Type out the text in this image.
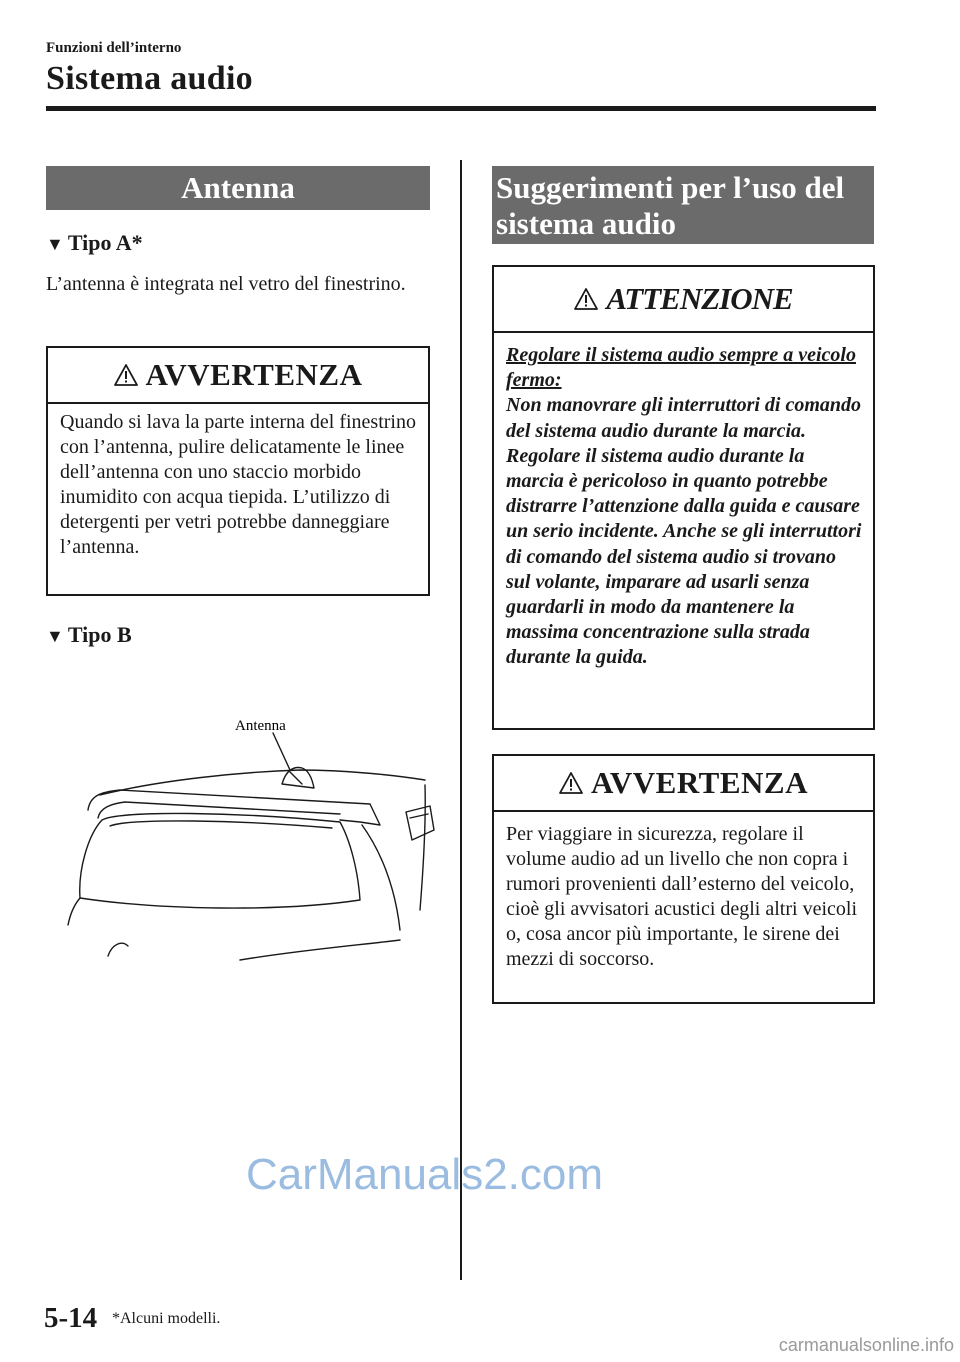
Funzioni dell’interno
Sistema audio
Antenna
▼ Tipo A*
L’antenna è integrata nel vetro del finestrino.
AVVERTENZA
Quando si lava la parte interna del finestrino con l’antenna, pulire delicatamente le linee dell’antenna con uno staccio morbido inumidito con acqua tiepida. L’utilizzo di detergenti per vetri potrebbe danneggiare l’antenna.
▼ Tipo B
Antenna
Suggerimenti per l’uso del sistema audio
ATTENZIONE
Regolare il sistema audio sempre a veicolo fermo:
Non manovrare gli interruttori di comando del sistema audio durante la marcia. Regolare il sistema audio durante la marcia è pericoloso in quanto potrebbe distrarre l’attenzione dalla guida e causare un serio incidente. Anche se gli interruttori di comando del sistema audio si trovano sul volante, imparare ad usarli senza guardarli in modo da mantenere la massima concentrazione sulla strada durante la guida.
AVVERTENZA
Per viaggiare in sicurezza, regolare il volume audio ad un livello che non copra i rumori provenienti dall’esterno del veicolo, cioè gli avvisatori acustici degli altri veicoli o, cosa ancor più importante, le sirene dei mezzi di soccorso.
CarManuals2.com
5-14 *Alcuni modelli.
carmanualsonline.info
